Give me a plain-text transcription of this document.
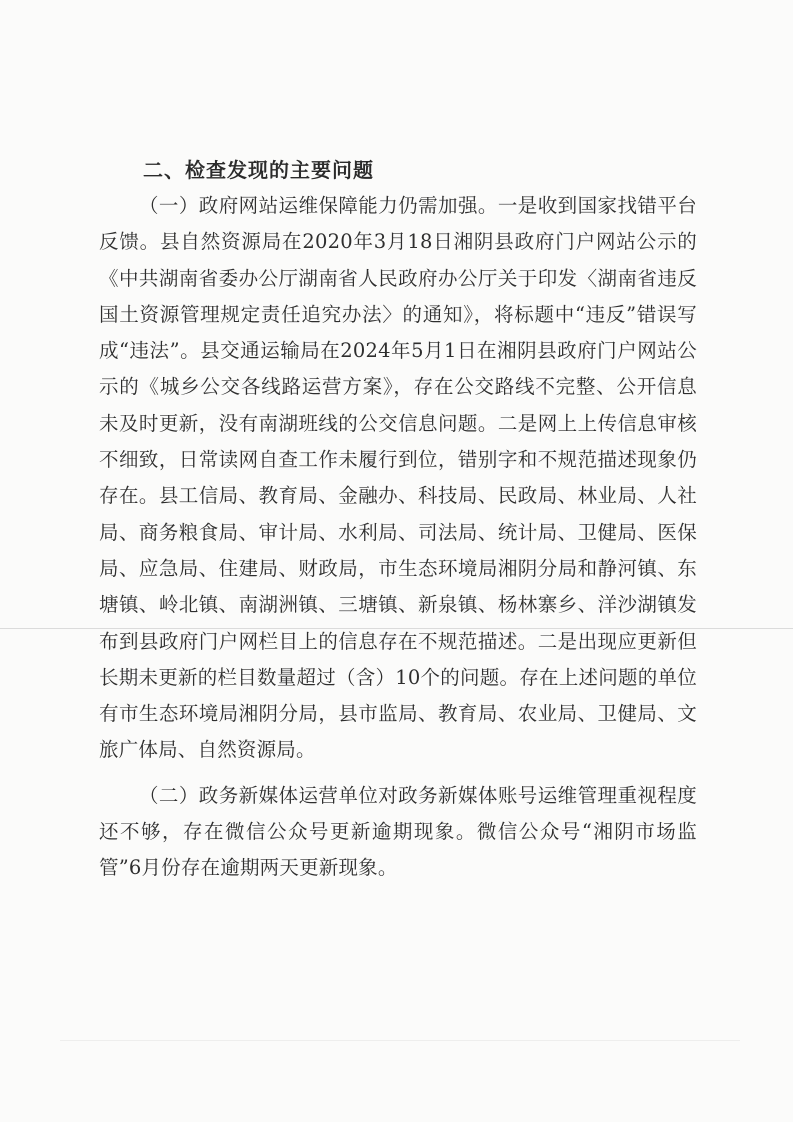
二、检查发现的主要问题

（一）政府网站运维保障能力仍需加强。一是收到国家找错平台反馈。县自然资源局在2020年3月18日湘阴县政府门户网站公示的《中共湖南省委办公厅湖南省人民政府办公厅关于印发〈湖南省违反国土资源管理规定责任追究办法〉的通知》，将标题中“违反”错误写成“违法”。县交通运输局在2024年5月1日在湘阴县政府门户网站公示的《城乡公交各线路运营方案》，存在公交路线不完整、公开信息未及时更新，没有南湖班线的公交信息问题。二是网上上传信息审核不细致，日常读网自查工作未履行到位，错别字和不规范描述现象仍存在。县工信局、教育局、金融办、科技局、民政局、林业局、人社局、商务粮食局、审计局、水利局、司法局、统计局、卫健局、医保局、应急局、住建局、财政局，市生态环境局湘阴分局和静河镇、东塘镇、岭北镇、南湖洲镇、三塘镇、新泉镇、杨林寨乡、洋沙湖镇发布到县政府门户网栏目上的信息存在不规范描述。二是出现应更新但长期未更新的栏目数量超过（含）10个的问题。存在上述问题的单位有市生态环境局湘阴分局，县市监局、教育局、农业局、卫健局、文旅广体局、自然资源局。

（二）政务新媒体运营单位对政务新媒体账号运维管理重视程度还不够，存在微信公众号更新逾期现象。微信公众号“湘阴市场监管”6月份存在逾期两天更新现象。
